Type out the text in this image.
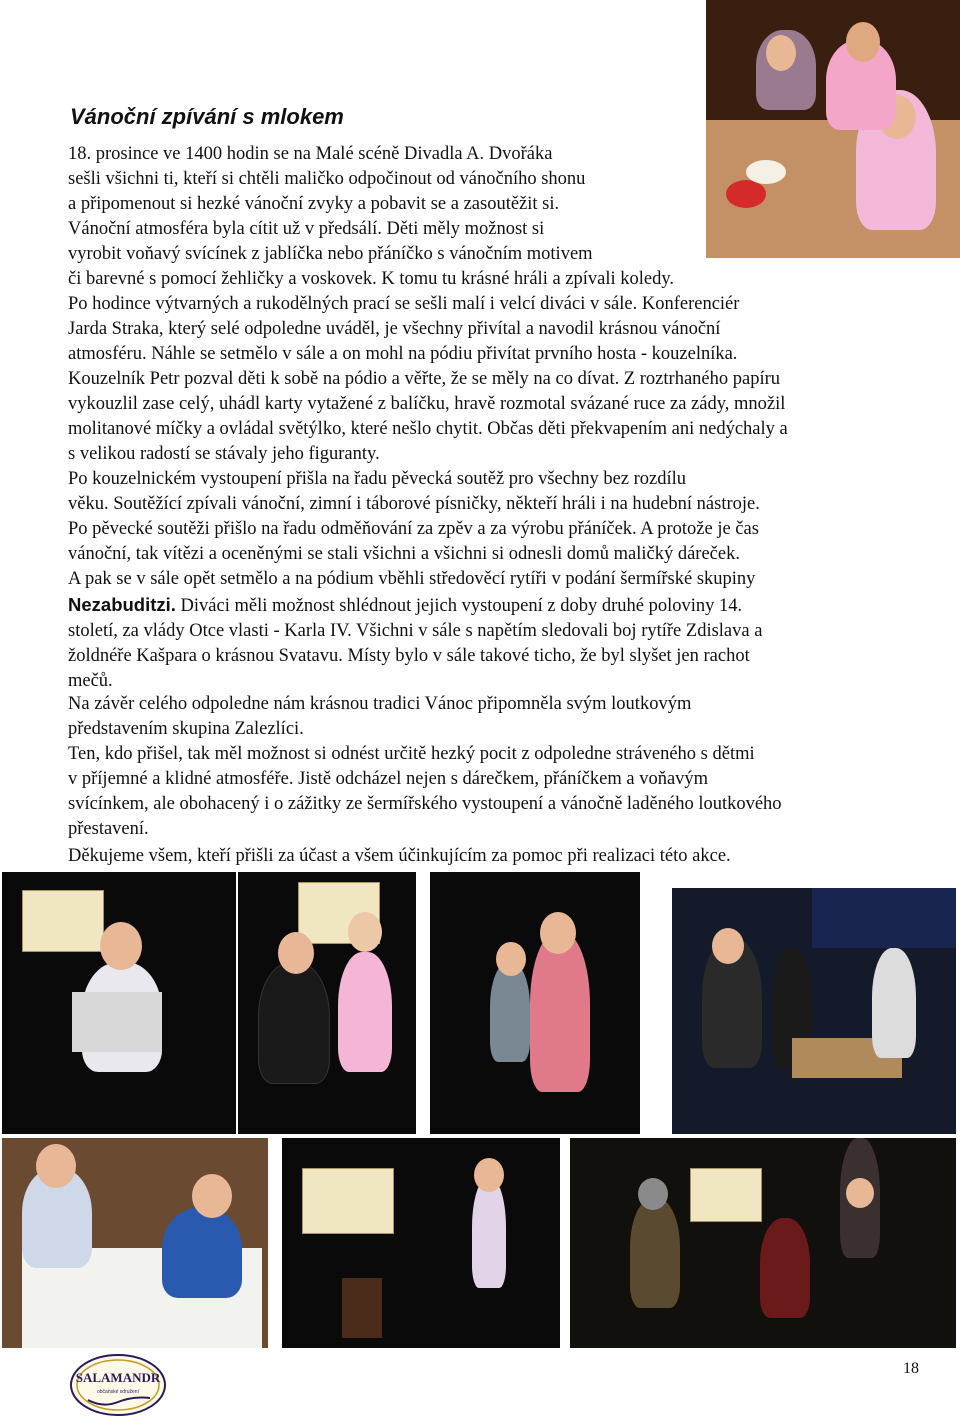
Vánoční zpívání s mlokem
18. prosince ve 1400 hodin se na Malé scéně Divadla A. Dvořáka
sešli všichni ti, kteří si chtěli maličko odpočinout od vánočního shonu
a připomenout si hezké vánoční zvyky a pobavit se a zasoutěžit si.
Vánoční atmosféra byla cítit už v předsálí. Děti měly možnost si
vyrobit voňavý svícínek z jablíčka nebo přáníčko s vánočním motivem
či barevné s pomocí žehličky a voskovek. K tomu tu krásné hráli a zpívali koledy.
Po hodince výtvarných a rukodělných prací se sešli malí i velcí diváci v sále. Konferenciér
Jarda Straka, který selé odpoledne uváděl, je všechny přivítal a navodil krásnou vánoční
atmosféru. Náhle se setmělo v sále a on mohl na pódiu přivítat prvního hosta - kouzelníka.
Kouzelník Petr pozval děti k sobě na pódio a věřte, že se měly na co dívat. Z roztrhaného papíru
vykouzlil zase celý, uhádl karty vytažené z balíčku, hravě rozmotal svázané ruce za zády, množil
molitanové míčky a ovládal světýlko, které nešlo chytit. Občas děti překvapením ani nedýchaly a
s velikou radostí se stávaly jeho figuranty.
Po kouzelnickém vystoupení přišla na řadu pěvecká soutěž pro všechny bez rozdílu
věku. Soutěžící zpívali vánoční, zimní i táborové písničky, někteří hráli i na hudební nástroje.
Po pěvecké soutěži přišlo na řadu odměňování za zpěv a za výrobu přáníček. A protože je čas
vánoční, tak vítězi a oceněnými se stali všichni a všichni si odnesli domů maličký dáreček.
A pak se v sále opět setmělo a na pódium vběhli středověcí rytíři v podání šermířské skupiny
Nezabuditzi. Diváci měli možnost shlédnout jejich vystoupení z doby druhé poloviny 14.
století, za vlády Otce vlasti - Karla IV. Všichni v sále s napětím sledovali boj rytíře Zdislava a
žoldnéře Kašpara o krásnou Svatavu. Místy bylo v sále takové ticho, že byl slyšet jen rachot
mečů.
Na závěr celého odpoledne nám krásnou tradici Vánoc připomněla svým loutkovým
představením skupina Zalezlíci.
Ten, kdo přišel, tak měl možnost si odnést určitě hezký pocit z odpoledne stráveného s dětmi
v příjemné a klidné atmosféře. Jistě odcházel nejen s dárečkem, přáníčkem a voňavým
svícínkem, ale obohacený i o zážitky ze šermířského vystoupení a vánočně laděného loutkového
přestavení.
Děkujeme všem, kteří přišli za účast a všem účinkujícím za pomoc při realizaci této akce.
SALAMANDR
občanské sdružení
18
